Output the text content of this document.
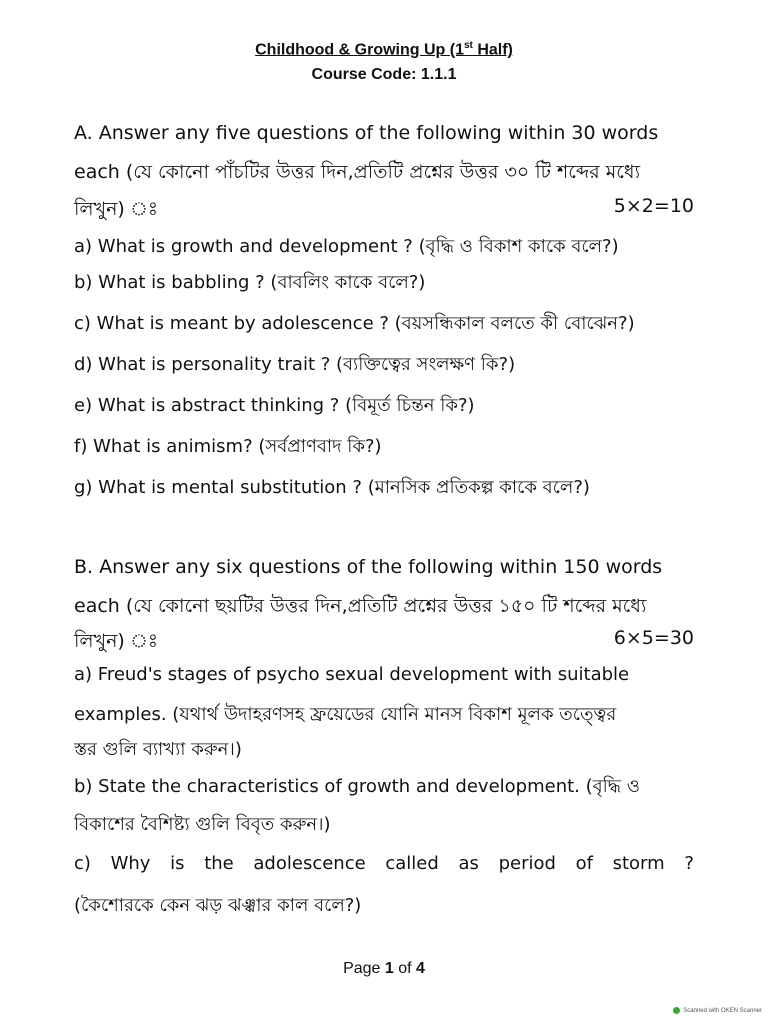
Childhood & Growing Up (1st Half)
Course Code: 1.1.1
A. Answer any five questions of the following within 30 words
each (যে কোনো পাঁচটির উত্তর দিন,প্রতিটি প্রশ্নের উত্তর ৩০ টি শব্দের মধ্যে
লিখুন) ঃ	5×2=10
a) What is growth and development ? (বৃদ্ধি ও বিকাশ কাকে বলে?)
b) What is babbling ? (বাবলিং কাকে বলে?)
c) What is meant by adolescence ? (বয়সন্ধিকাল বলতে কী বোঝেন?)
d) What is personality trait ? (ব্যক্তিত্বের সংলক্ষণ কি?)
e) What is abstract thinking ? (বিমূর্ত চিন্তন কি?)
f) What is animism? (সর্বপ্রাণবাদ কি?)
g) What is mental substitution ? (মানসিক প্রতিকল্প কাকে বলে?)
B. Answer any six questions of the following within 150 words
each (যে কোনো ছয়টির উত্তর দিন,প্রতিটি প্রশ্নের উত্তর ১৫০ টি শব্দের মধ্যে
লিখুন) ঃ	6×5=30
a) Freud's stages of psycho sexual development with suitable
examples. (যথার্থ উদাহরণসহ ফ্রয়েডের যোনি মানস বিকাশ মূলক তত্ত্বের
স্তর গুলি ব্যাখ্যা করুন।)
b) State the characteristics of growth and development. (বৃদ্ধি ও
বিকাশের বৈশিষ্ট্য গুলি বিবৃত করুন।)
c) Why is the adolescence called as period of storm ?
(কৈশোরকে কেন ঝড় ঝঞ্ঝার কাল বলে?)
Page 1 of 4
Scanned with OKEN Scanner
